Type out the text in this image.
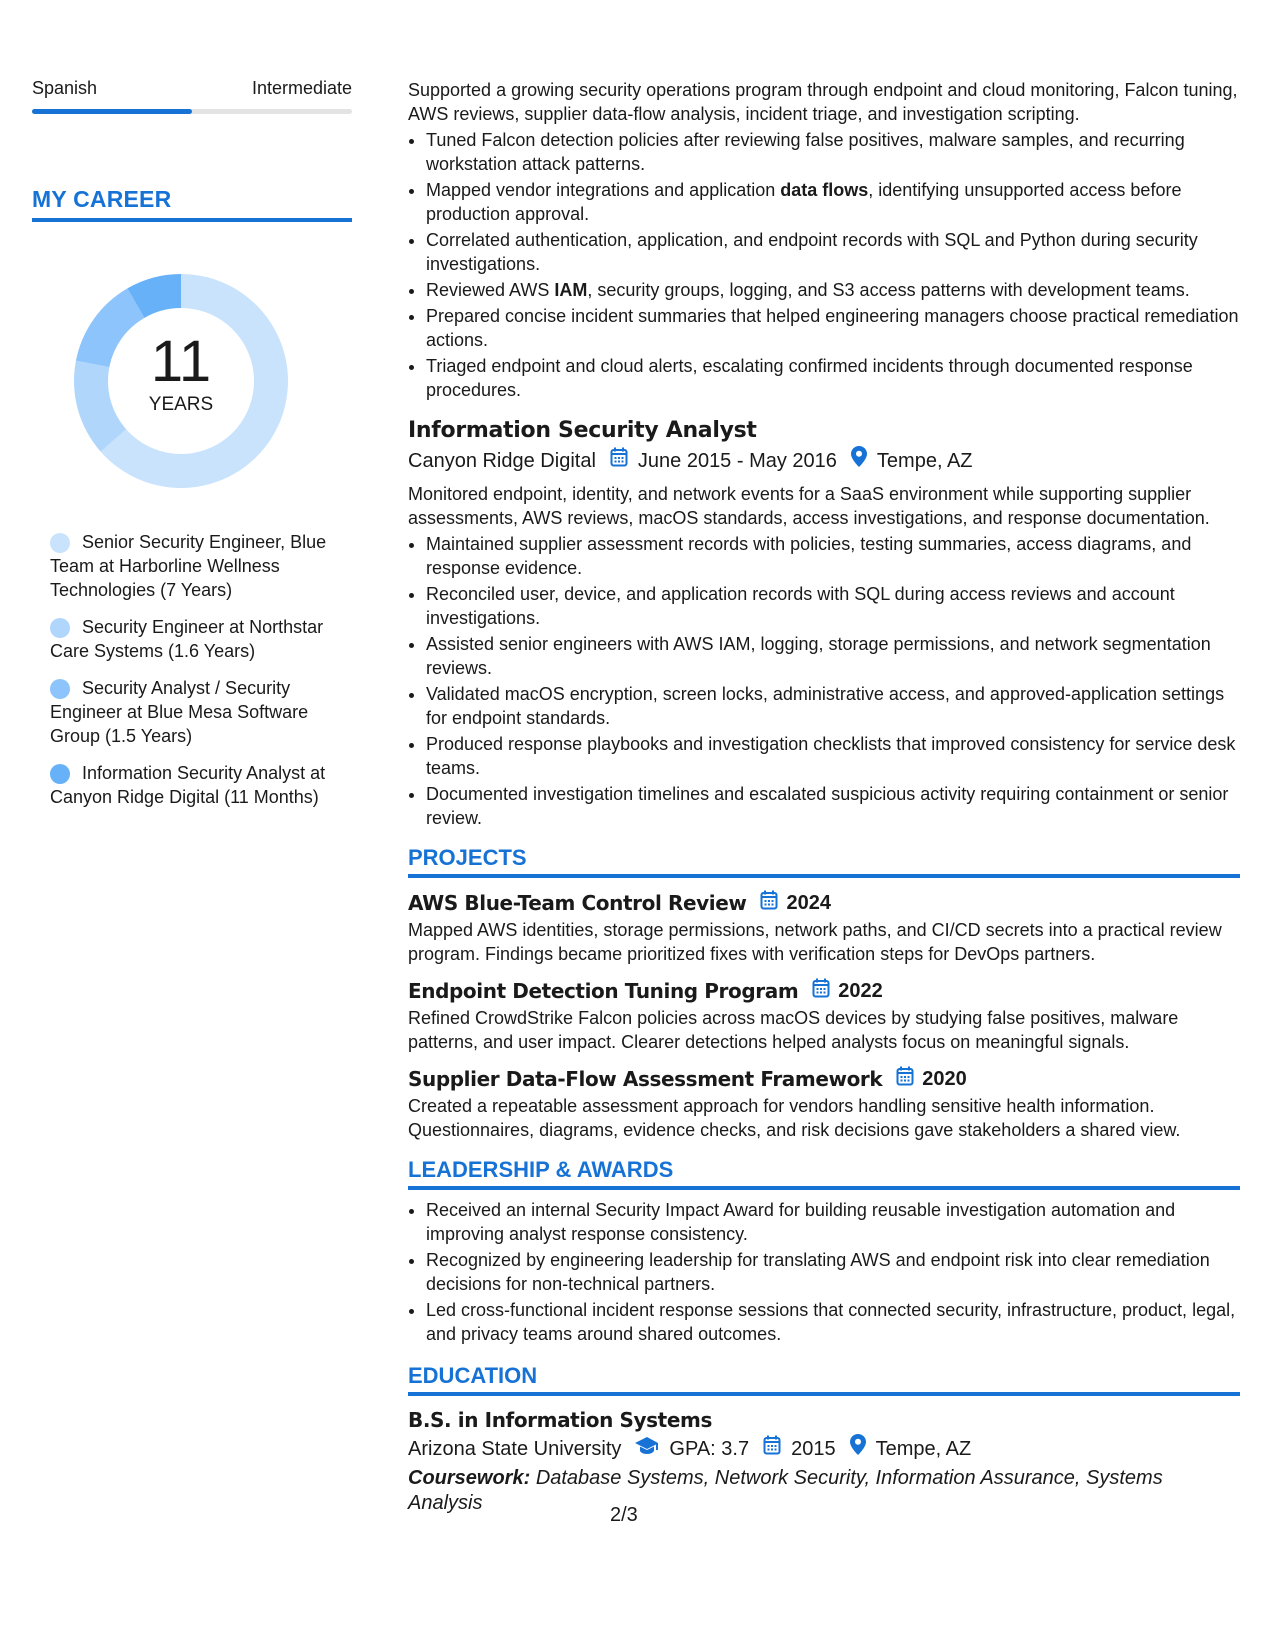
Spanish	Intermediate
MY CAREER
11
YEARS
Senior Security Engineer, Blue Team at Harborline Wellness Technologies (7 Years)
Security Engineer at Northstar Care Systems (1.6 Years)
Security Analyst / Security Engineer at Blue Mesa Software Group (1.5 Years)
Information Security Analyst at Canyon Ridge Digital (11 Months)

Supported a growing security operations program through endpoint and cloud monitoring, Falcon tuning, AWS reviews, supplier data-flow analysis, incident triage, and investigation scripting.

• Tuned Falcon detection policies after reviewing false positives, malware samples, and recurring workstation attack patterns.
• Mapped vendor integrations and application data flows, identifying unsupported access before production approval.
• Correlated authentication, application, and endpoint records with SQL and Python during security investigations.
• Reviewed AWS IAM, security groups, logging, and S3 access patterns with development teams.
• Prepared concise incident summaries that helped engineering managers choose practical remediation actions.
• Triaged endpoint and cloud alerts, escalating confirmed incidents through documented response procedures.
Information Security Analyst
Canyon Ridge Digital June 2015 - May 2016 Tempe, AZ

Monitored endpoint, identity, and network events for a SaaS environment while supporting supplier assessments, AWS reviews, macOS standards, access investigations, and response documentation.

• Maintained supplier assessment records with policies, testing summaries, access diagrams, and response evidence.
• Reconciled user, device, and application records with SQL during access reviews and account investigations.
• Assisted senior engineers with AWS IAM, logging, storage permissions, and network segmentation reviews.
• Validated macOS encryption, screen locks, administrative access, and approved-application settings for endpoint standards.
• Produced response playbooks and investigation checklists that improved consistency for service desk teams.
• Documented investigation timelines and escalated suspicious activity requiring containment or senior review.
PROJECTS
AWS Blue-Team Control Review 2024

Mapped AWS identities, storage permissions, network paths, and CI/CD secrets into a practical review program. Findings became prioritized fixes with verification steps for DevOps partners.

Endpoint Detection Tuning Program 2022

Refined CrowdStrike Falcon policies across macOS devices by studying false positives, malware patterns, and user impact. Clearer detections helped analysts focus on meaningful signals.

Supplier Data-Flow Assessment Framework 2020

Created a repeatable assessment approach for vendors handling sensitive health information. Questionnaires, diagrams, evidence checks, and risk decisions gave stakeholders a shared view.

LEADERSHIP & AWARDS
• Received an internal Security Impact Award for building reusable investigation automation and improving analyst response consistency.
• Recognized by engineering leadership for translating AWS and endpoint risk into clear remediation decisions for non-technical partners.
• Led cross-functional incident response sessions that connected security, infrastructure, product, legal, and privacy teams around shared outcomes.
EDUCATION
B.S. in Information Systems
Arizona State University GPA: 3.7 2015 Tempe, AZ
Coursework: Database Systems, Network Security, Information Assurance, Systems Analysis
2/3
